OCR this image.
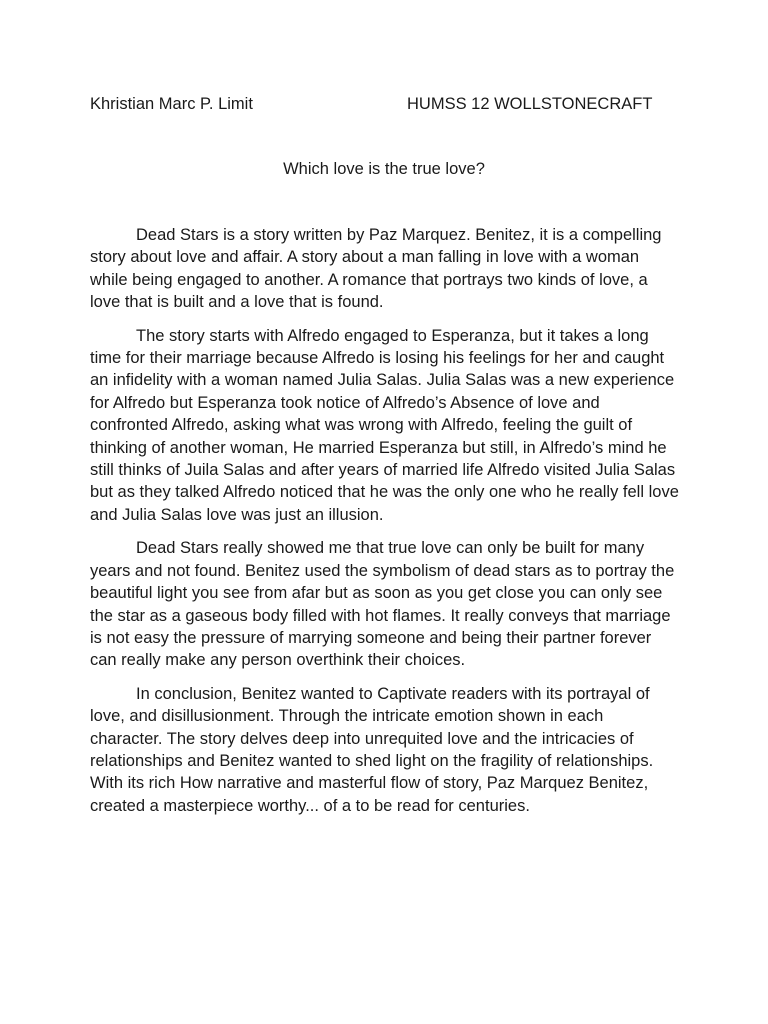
Khristian Marc P. Limit	HUMSS 12 WOLLSTONECRAFT
Which love is the true love?

Dead Stars is a story written by Paz Marquez. Benitez, it is a compelling story about love and affair. A story about a man falling in love with a woman while being engaged to another. A romance that portrays two kinds of love, a love that is built and a love that is found.

The story starts with Alfredo engaged to Esperanza, but it takes a long time for their marriage because Alfredo is losing his feelings for her and caught an infidelity with a woman named Julia Salas. Julia Salas was a new experience for Alfredo but Esperanza took notice of Alfredo’s Absence of love and confronted Alfredo, asking what was wrong with Alfredo, feeling the guilt of thinking of another woman, He married Esperanza but still, in Alfredo’s mind he still thinks of Juila Salas and after years of married life Alfredo visited Julia Salas but as they talked Alfredo noticed that he was the only one who he really fell love and Julia Salas love was just an illusion.

Dead Stars really showed me that true love can only be built for many years and not found. Benitez used the symbolism of dead stars as to portray the beautiful light you see from afar but as soon as you get close you can only see the star as a gaseous body filled with hot flames. It really conveys that marriage is not easy the pressure of marrying someone and being their partner forever can really make any person overthink their choices.

In conclusion, Benitez wanted to Captivate readers with its portrayal of love, and disillusionment. Through the intricate emotion shown in each character. The story delves deep into unrequited love and the intricacies of relationships and Benitez wanted to shed light on the fragility of relationships. With its rich How narrative and masterful flow of story, Paz Marquez Benitez, created a masterpiece worthy... of a to be read for centuries.
